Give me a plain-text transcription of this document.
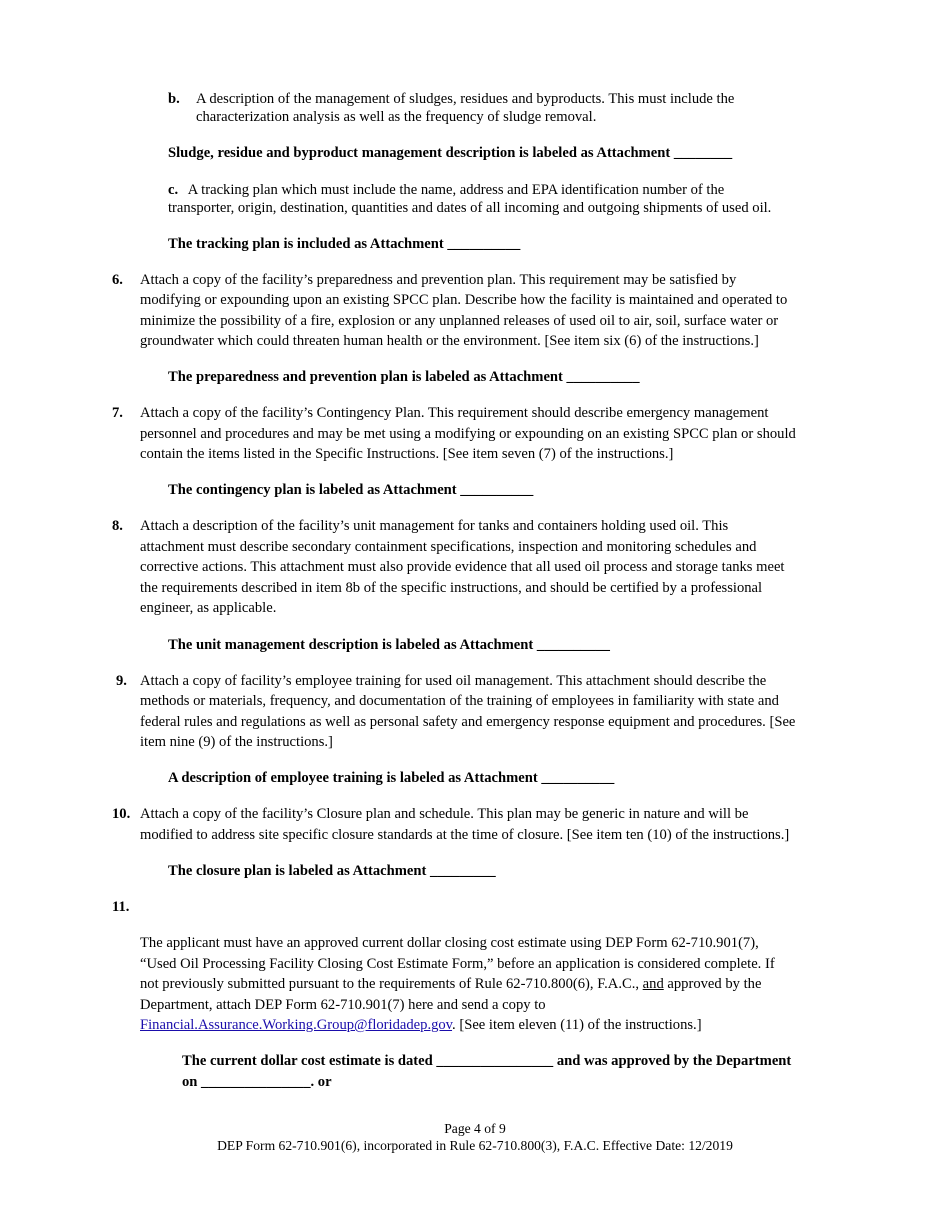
b. A description of the management of sludges, residues and byproducts. This must include the
characterization analysis as well as the frequency of sludge removal.
Sludge, residue and byproduct management description is labeled as Attachment ________
c. A tracking plan which must include the name, address and EPA identification number of the
transporter, origin, destination, quantities and dates of all incoming and outgoing shipments of used oil.
The tracking plan is included as Attachment __________
6. Attach a copy of the facility’s preparedness and prevention plan. This requirement may be satisfied by
modifying or expounding upon an existing SPCC plan. Describe how the facility is maintained and operated to
minimize the possibility of a fire, explosion or any unplanned releases of used oil to air, soil, surface water or
groundwater which could threaten human health or the environment. [See item six (6) of the instructions.]
The preparedness and prevention plan is labeled as Attachment __________
7. Attach a copy of the facility’s Contingency Plan. This requirement should describe emergency management
personnel and procedures and may be met using a modifying or expounding on an existing SPCC plan or should
contain the items listed in the Specific Instructions. [See item seven (7) of the instructions.]
The contingency plan is labeled as Attachment __________
8. Attach a description of the facility’s unit management for tanks and containers holding used oil. This
attachment must describe secondary containment specifications, inspection and monitoring schedules and
corrective actions. This attachment must also provide evidence that all used oil process and storage tanks meet
the requirements described in item 8b of the specific instructions, and should be certified by a professional
engineer, as applicable.
The unit management description is labeled as Attachment __________
9. Attach a copy of facility’s employee training for used oil management. This attachment should describe the
methods or materials, frequency, and documentation of the training of employees in familiarity with state and
federal rules and regulations as well as personal safety and emergency response equipment and procedures. [See
item nine (9) of the instructions.]
A description of employee training is labeled as Attachment __________
10. Attach a copy of the facility’s Closure plan and schedule. This plan may be generic in nature and will be
modified to address site specific closure standards at the time of closure. [See item ten (10) of the instructions.]
The closure plan is labeled as Attachment _________
11.
The applicant must have an approved current dollar closing cost estimate using DEP Form 62-710.901(7),
“Used Oil Processing Facility Closing Cost Estimate Form,” before an application is considered complete. If
not previously submitted pursuant to the requirements of Rule 62-710.800(6), F.A.C., and approved by the
Department, attach DEP Form 62-710.901(7) here and send a copy to
Financial.Assurance.Working.Group@floridadep.gov. [See item eleven (11) of the instructions.]
The current dollar cost estimate is dated ________________ and was approved by the Department
on _______________. or
Page 4 of 9
DEP Form 62-710.901(6), incorporated in Rule 62-710.800(3), F.A.C. Effective Date: 12/2019
